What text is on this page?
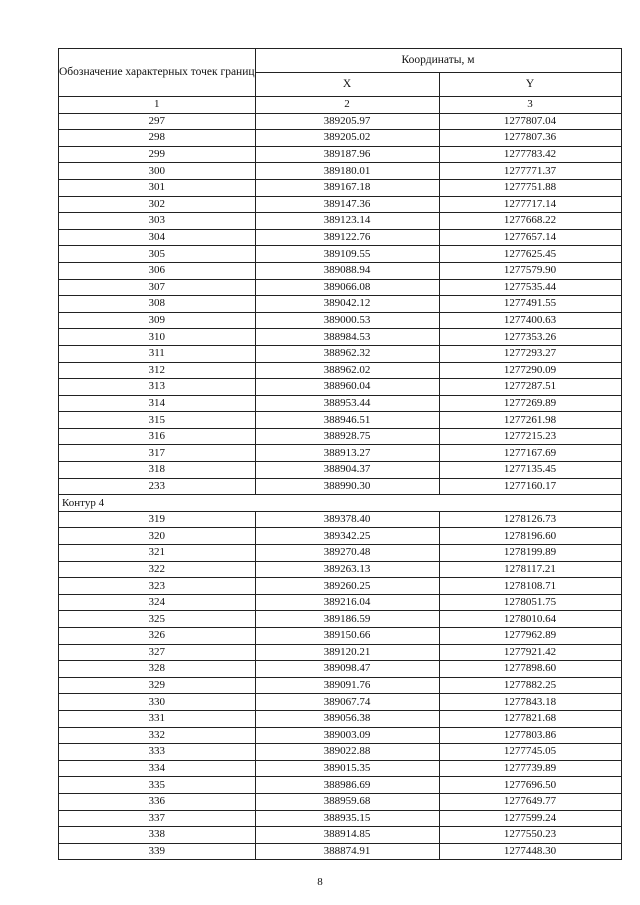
Обозначение характерных точек границ	Координаты, м	
	X	Y
1	2	3
297	389205.97	1277807.04
298	389205.02	1277807.36
299	389187.96	1277783.42
300	389180.01	1277771.37
301	389167.18	1277751.88
302	389147.36	1277717.14
303	389123.14	1277668.22
304	389122.76	1277657.14
305	389109.55	1277625.45
306	389088.94	1277579.90
307	389066.08	1277535.44
308	389042.12	1277491.55
309	389000.53	1277400.63
310	388984.53	1277353.26
311	388962.32	1277293.27
312	388962.02	1277290.09
313	388960.04	1277287.51
314	388953.44	1277269.89
315	388946.51	1277261.98
316	388928.75	1277215.23
317	388913.27	1277167.69
318	388904.37	1277135.45
233	388990.30	1277160.17
Контур 4		
319	389378.40	1278126.73
320	389342.25	1278196.60
321	389270.48	1278199.89
322	389263.13	1278117.21
323	389260.25	1278108.71
324	389216.04	1278051.75
325	389186.59	1278010.64
326	389150.66	1277962.89
327	389120.21	1277921.42
328	389098.47	1277898.60
329	389091.76	1277882.25
330	389067.74	1277843.18
331	389056.38	1277821.68
332	389003.09	1277803.86
333	389022.88	1277745.05
334	389015.35	1277739.89
335	388986.69	1277696.50
336	388959.68	1277649.77
337	388935.15	1277599.24
338	388914.85	1277550.23
339	388874.91	1277448.30
8
